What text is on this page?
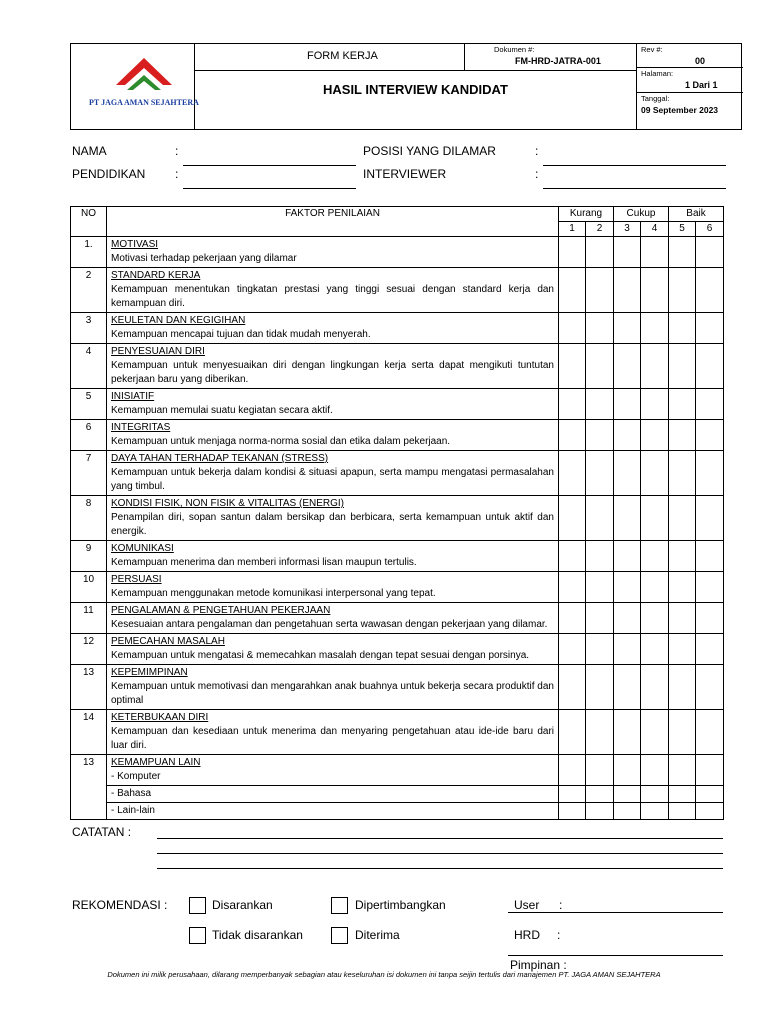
PT JAGA AMAN SEJAHTERA
FORM KERJA
HASIL INTERVIEW KANDIDAT
Dokumen #:
FM-HRD-JATRA-001
Rev #:
00
Halaman:
1 Dari 1
Tanggal:
09 September 2023
NAMA	:
PENDIDIKAN :
POSISI YANG DILAMAR	:
INTERVIEWER	:
NO	FAKTOR PENILAIAN	Kurang		Cukup		Baik	
		1	2	3	4	5	6
1.	MOTIVASI
Motivasi terhadap pekerjaan yang dilamar						

2	STANDARD KERJA
Kemampuan menentukan tingkatan prestasi yang tinggi sesuai dengan standard kerja dan kemampuan diri.						

3	KEULETAN DAN KEGIGIHAN
Kemampuan mencapai tujuan dan tidak mudah menyerah.						

4	PENYESUAIAN DIRI
Kemampuan untuk menyesuaikan diri dengan lingkungan kerja serta dapat mengikuti tuntutan pekerjaan baru yang diberikan.						

5	INISIATIF
Kemampuan memulai suatu kegiatan secara aktif.						

6	INTEGRITAS
Kemampuan untuk menjaga norma-norma sosial dan etika dalam pekerjaan.						

7	DAYA TAHAN TERHADAP TEKANAN (STRESS)
Kemampuan untuk bekerja dalam kondisi & situasi apapun, serta mampu mengatasi permasalahan yang timbul.						

8	KONDISI FISIK, NON FISIK & VITALITAS (ENERGI)
Penampilan diri, sopan santun dalam bersikap dan berbicara, serta kemampuan untuk aktif dan energik.						

9	KOMUNIKASI
Kemampuan menerima dan memberi informasi lisan maupun tertulis.						

10	PERSUASI
Kemampuan menggunakan metode komunikasi interpersonal yang tepat.						

11	PENGALAMAN & PENGETAHUAN PEKERJAAN
Kesesuaian antara pengalaman dan pengetahuan serta wawasan dengan pekerjaan yang dilamar.						

12	PEMECAHAN MASALAH
Kemampuan untuk mengatasi & memecahkan masalah dengan tepat sesuai dengan porsinya.						

13	KEPEMIMPINAN
Kemampuan untuk memotivasi dan mengarahkan anak buahnya untuk bekerja secara produktif dan optimal						

14	KETERBUKAAN DIRI
Kemampuan dan kesediaan untuk menerima dan menyaring pengetahuan atau ide-ide baru dari luar diri.						

13	KEMAMPUAN LAIN
- Komputer						

	- Bahasa						
	- Lain-lain						
CATATAN :
REKOMENDASI :	Disarankan	Dipertimbangkan
Tidak disarankan	Diterima
User :
HRD :
Pimpinan :
Dokumen ini milik perusahaan, dilarang memperbanyak sebagian atau keseluruhan isi dokumen ini tanpa seijin tertulis dari manajemen PT. JAGA AMAN SEJAHTERA
